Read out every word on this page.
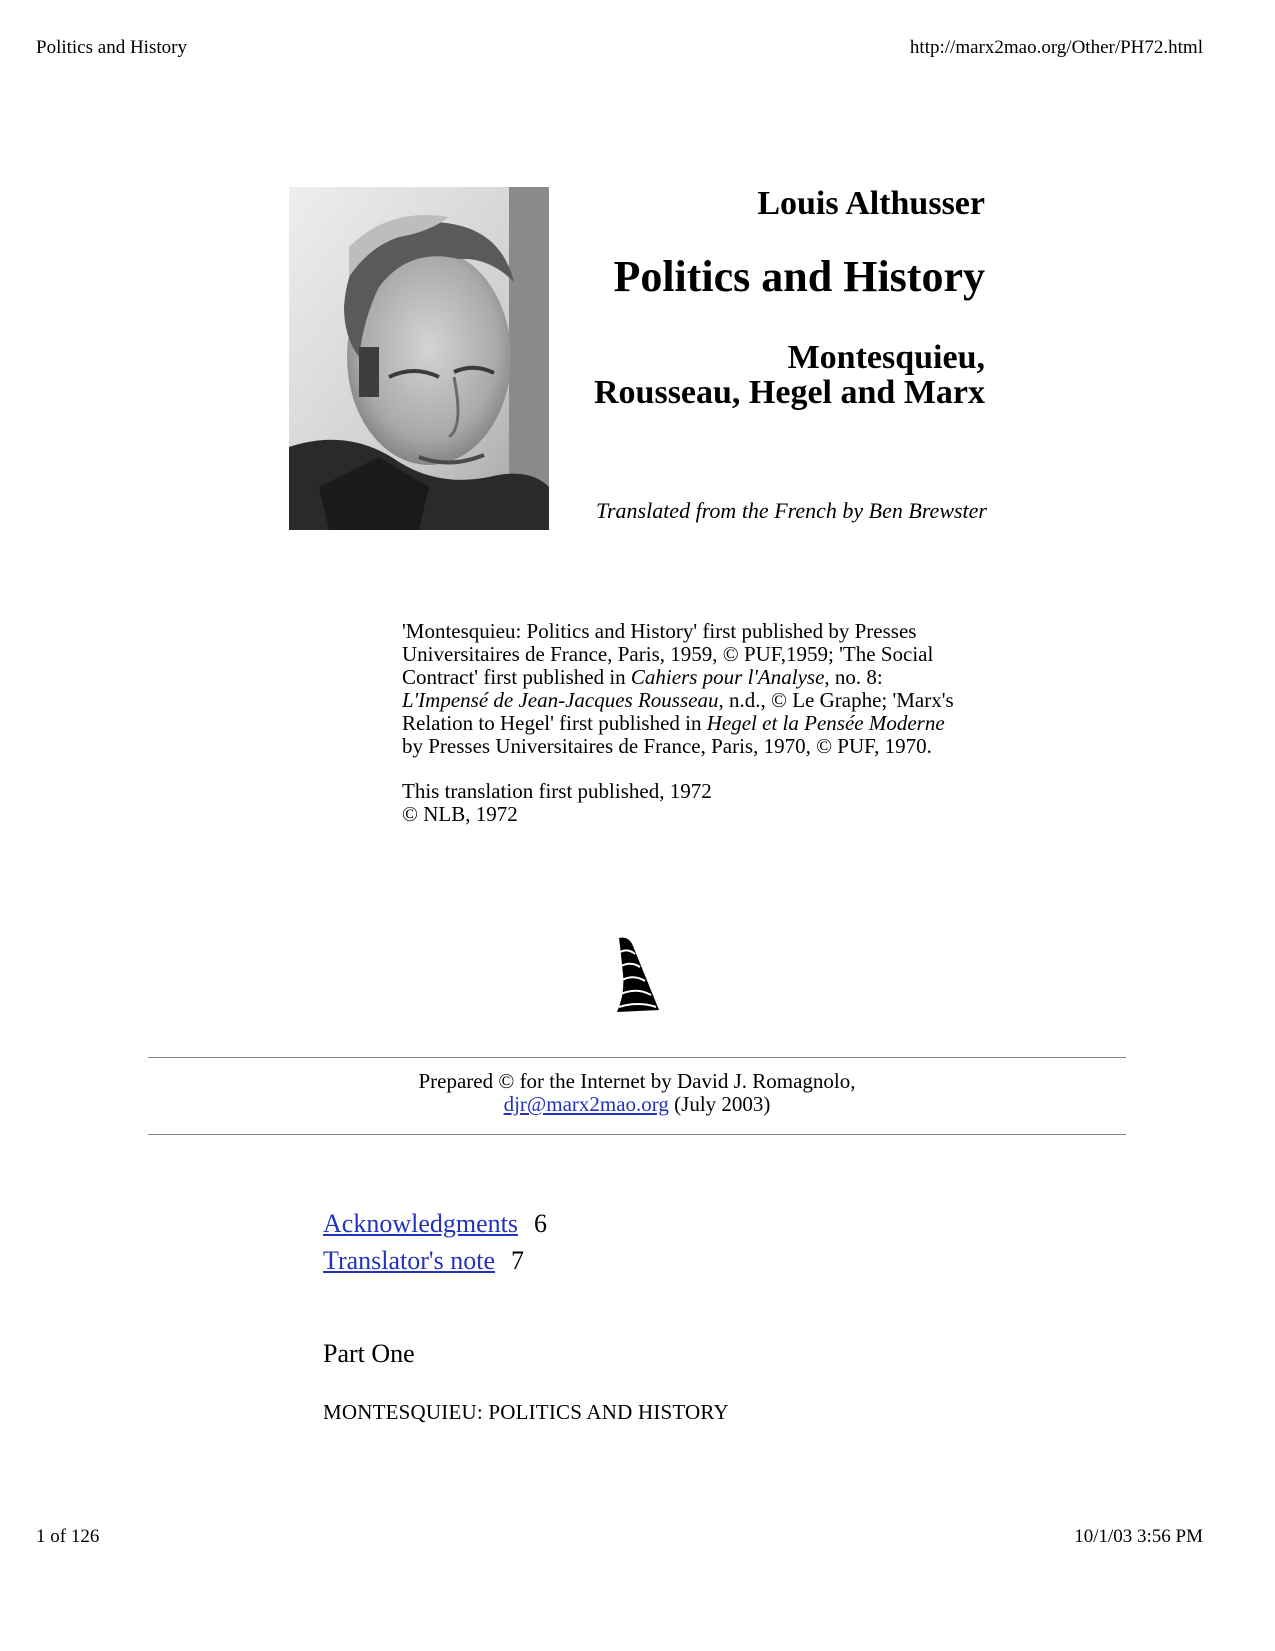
Politics and History	http://marx2mao.org/Other/PH72.html
Louis Althusser
Politics and History
Montesquieu,
Rousseau, Hegel and Marx
Translated from the French by Ben Brewster

'Montesquieu: Politics and History' first published by Presses Universitaires de France, Paris, 1959, © PUF,1959; 'The Social Contract' first published in Cahiers pour l'Analyse, no. 8: L'Impensé de Jean-Jacques Rousseau, n.d., © Le Graphe; 'Marx's Relation to Hegel' first published in Hegel et la Pensée Moderne by Presses Universitaires de France, Paris, 1970, © PUF, 1970.

This translation first published, 1972
© NLB, 1972

Prepared © for the Internet by David J. Romagnolo,
djr@marx2mao.org (July 2003)
Acknowledgments 6
Translator's note 7
Part One
MONTESQUIEU: POLITICS AND HISTORY
1 of 126	10/1/03 3:56 PM
